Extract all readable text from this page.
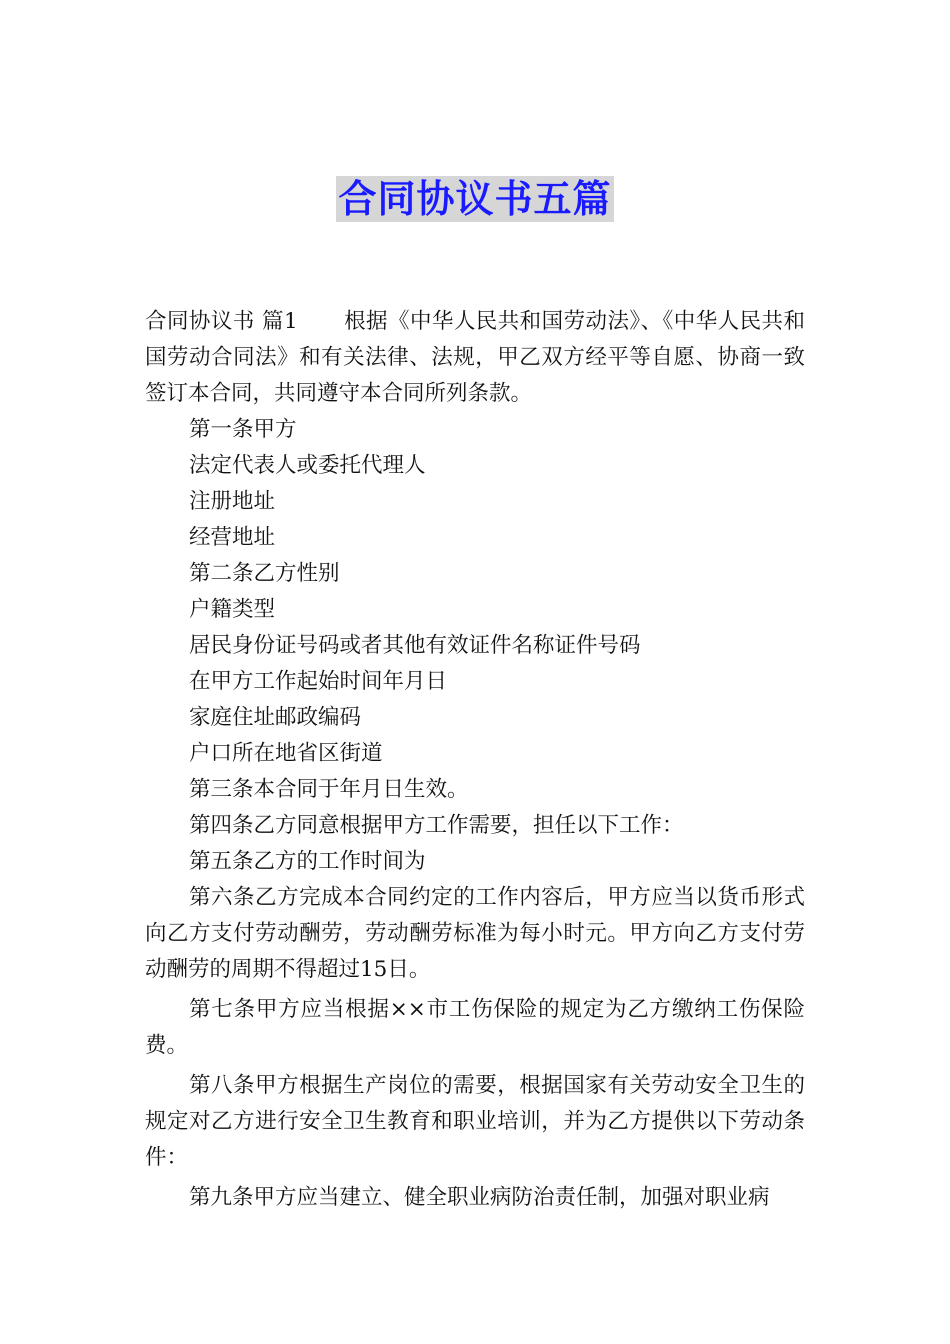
合同协议书五篇

合同协议书 篇1 根据《中华人民共和国劳动法》、《中华人民共和国劳动合同法》和有关法律、法规，甲乙双方经平等自愿、协商一致签订本合同，共同遵守本合同所列条款。

第一条甲方

法定代表人或委托代理人

注册地址

经营地址

第二条乙方性别

户籍类型

居民身份证号码或者其他有效证件名称证件号码

在甲方工作起始时间年月日

家庭住址邮政编码

户口所在地省区街道

第三条本合同于年月日生效。

第四条乙方同意根据甲方工作需要，担任以下工作：

第五条乙方的工作时间为

第六条乙方完成本合同约定的工作内容后，甲方应当以货币形式向乙方支付劳动酬劳，劳动酬劳标准为每小时元。甲方向乙方支付劳动酬劳的周期不得超过15日。

第七条甲方应当根据××市工伤保险的规定为乙方缴纳工伤保险费。

第八条甲方根据生产岗位的需要，根据国家有关劳动安全卫生的规定对乙方进行安全卫生教育和职业培训，并为乙方提供以下劳动条件：

第九条甲方应当建立、健全职业病防治责任制，加强对职业病
